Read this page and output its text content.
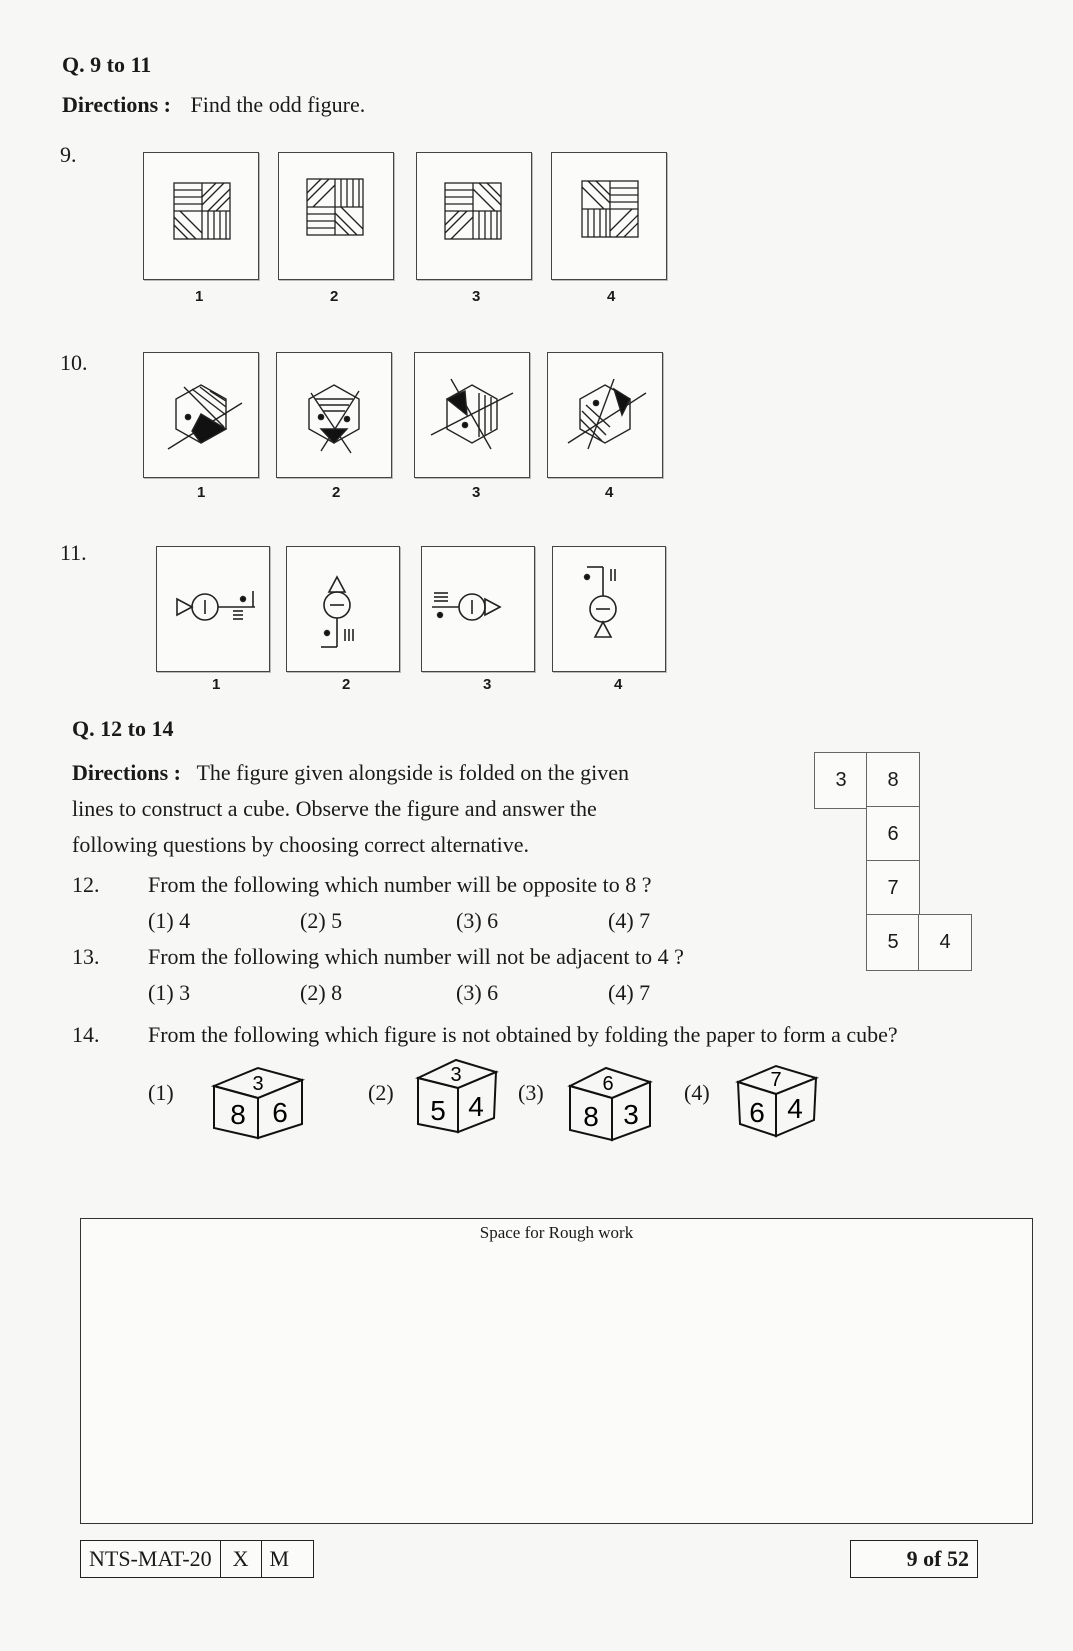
Q. 9 to 11
Directions : Find the odd figure.
9.
1	2	3	4
10.
1	2	3	4
11.
1	2	3	4
Q. 12 to 14
Directions : The figure given alongside is folded on the given
lines to construct a cube. Observe the figure and answer the
following questions by choosing correct alternative.
3	8
6
7
5	4
12. From the following which number will be opposite to 8 ?
(1) 4	(2) 5	(3) 6	(4) 7
13. From the following which number will not be adjacent to 4 ?
(1) 3	(2) 8	(3) 6	(4) 7
14. From the following which figure is not obtained by folding the paper to form a cube?
(1)	3
8 6
(2)
3
5 4 (3)	6
8 3
(4)	7
6 4
Space for Rough work
NTS-MAT-20 X M	9 of 52
